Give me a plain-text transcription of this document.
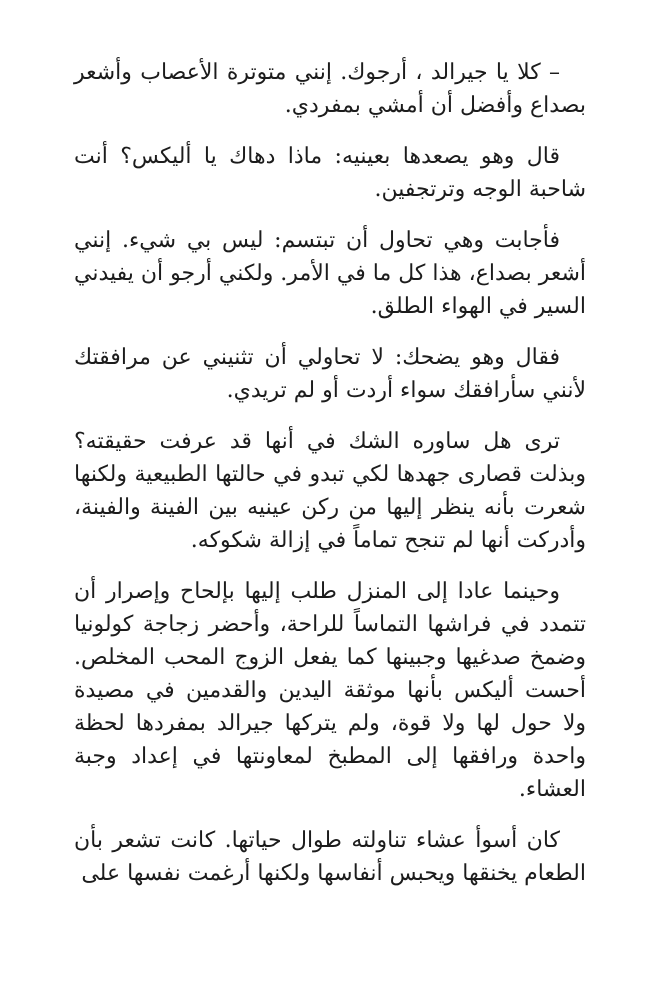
– كلا يا جيرالد ، أرجوك. إنني متوترة الأعصاب وأشعر بصداع وأفضل أن أمشي بمفردي.

قال وهو يصعدها بعينيه: ماذا دهاك يا أليكس؟ أنت شاحبة الوجه وترتجفين.

فأجابت وهي تحاول أن تبتسم: ليس بي شيء. إنني أشعر بصداع، هذا كل ما في الأمر. ولكني أرجو أن يفيدني السير في الهواء الطلق.

فقال وهو يضحك: لا تحاولي أن تثنيني عن مرافقتك لأنني سأرافقك سواء أردت أو لم تريدي.

ترى هل ساوره الشك في أنها قد عرفت حقيقته؟ وبذلت قصارى جهدها لكي تبدو في حالتها الطبيعية ولكنها شعرت بأنه ينظر إليها من ركن عينيه بين الفينة والفينة، وأدركت أنها لم تنجح تماماً في إزالة شكوكه.

وحينما عادا إلى المنزل طلب إليها بإلحاح وإصرار أن تتمدد في فراشها التماساً للراحة، وأحضر زجاجة كولونيا وضمخ صدغيها وجبينها كما يفعل الزوج المحب المخلص. أحست أليكس بأنها موثقة اليدين والقدمين في مصيدة ولا حول لها ولا قوة، ولم يتركها جيرالد بمفردها لحظة واحدة ورافقها إلى المطبخ لمعاونتها في إعداد وجبة العشاء.

كان أسوأ عشاء تناولته طوال حياتها. كانت تشعر بأن الطعام يخنقها ويحبس أنفاسها ولكنها أرغمت نفسها على
